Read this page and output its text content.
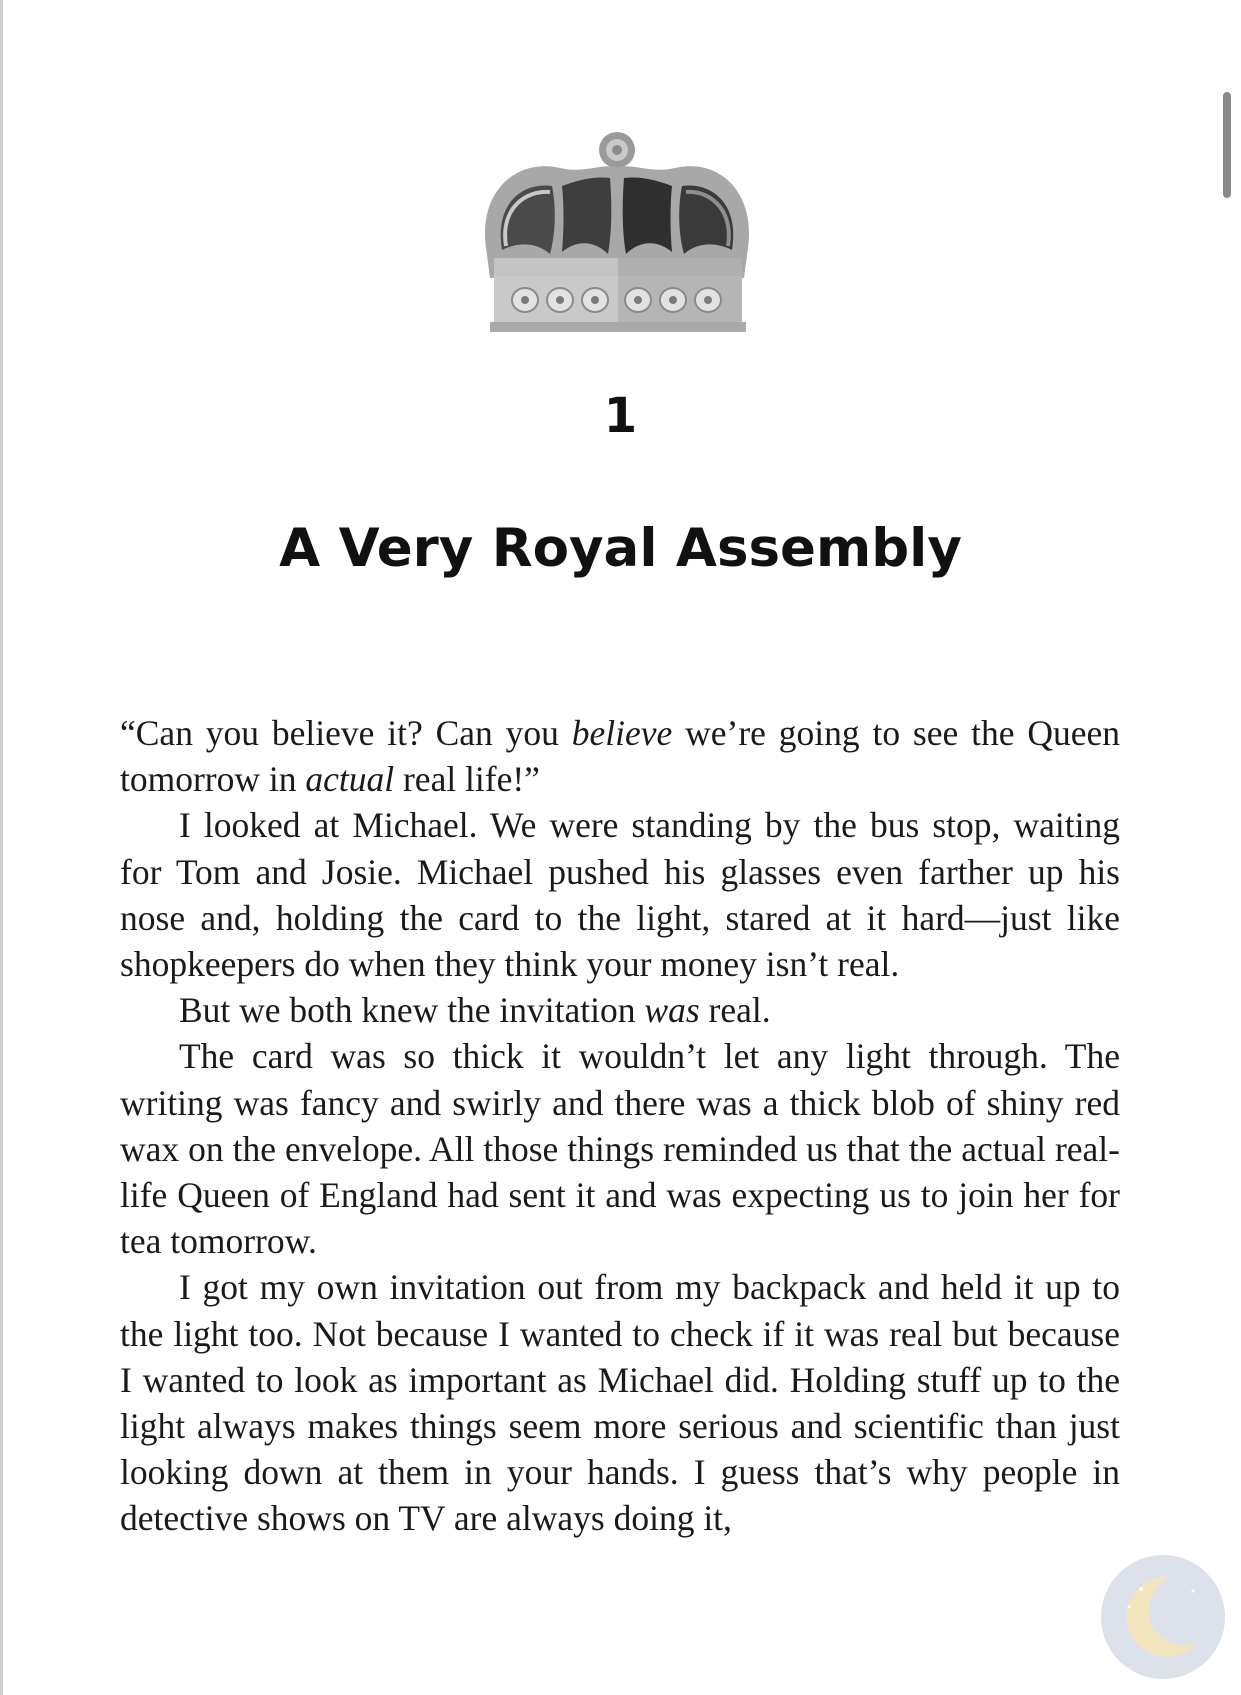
1
A Very Royal Assembly

“Can you believe it? Can you believe we’re going to see the Queen tomorrow in actual real life!”

I looked at Michael. We were standing by the bus stop, waiting for Tom and Josie. Michael pushed his glasses even farther up his nose and, holding the card to the light, stared at it hard—just like shopkeepers do when they think your money isn’t real.

But we both knew the invitation was real.

The card was so thick it wouldn’t let any light through. The writing was fancy and swirly and there was a thick blob of shiny red wax on the envelope. All those things reminded us that the actual real-life Queen of England had sent it and was expecting us to join her for tea tomorrow.

I got my own invitation out from my backpack and held it up to the light too. Not because I wanted to check if it was real but because I wanted to look as important as Michael did. Holding stuff up to the light always makes things seem more serious and scientific than just looking down at them in your hands. I guess that’s why people in detective shows on TV are always doing it,
